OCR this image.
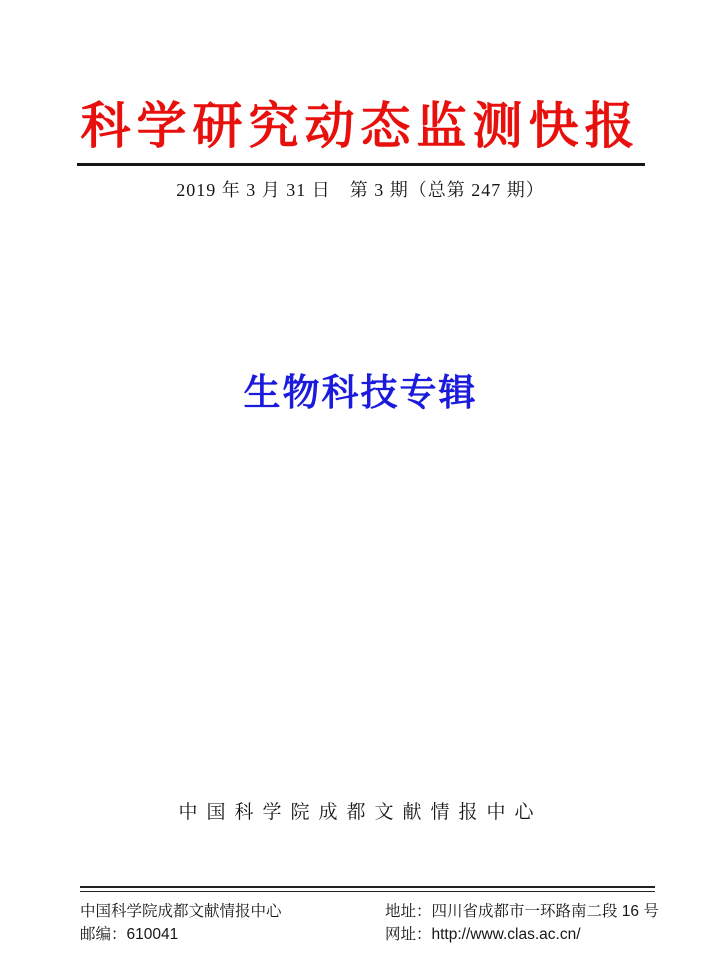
科学研究动态监测快报
2019 年 3 月 31 日　第 3 期（总第 247 期）
生物科技专辑
中国科学院成都文献情报中心
中国科学院成都文献情报中心
邮编：610041
地址：四川省成都市一环路南二段 16 号
网址：http://www.clas.ac.cn/
